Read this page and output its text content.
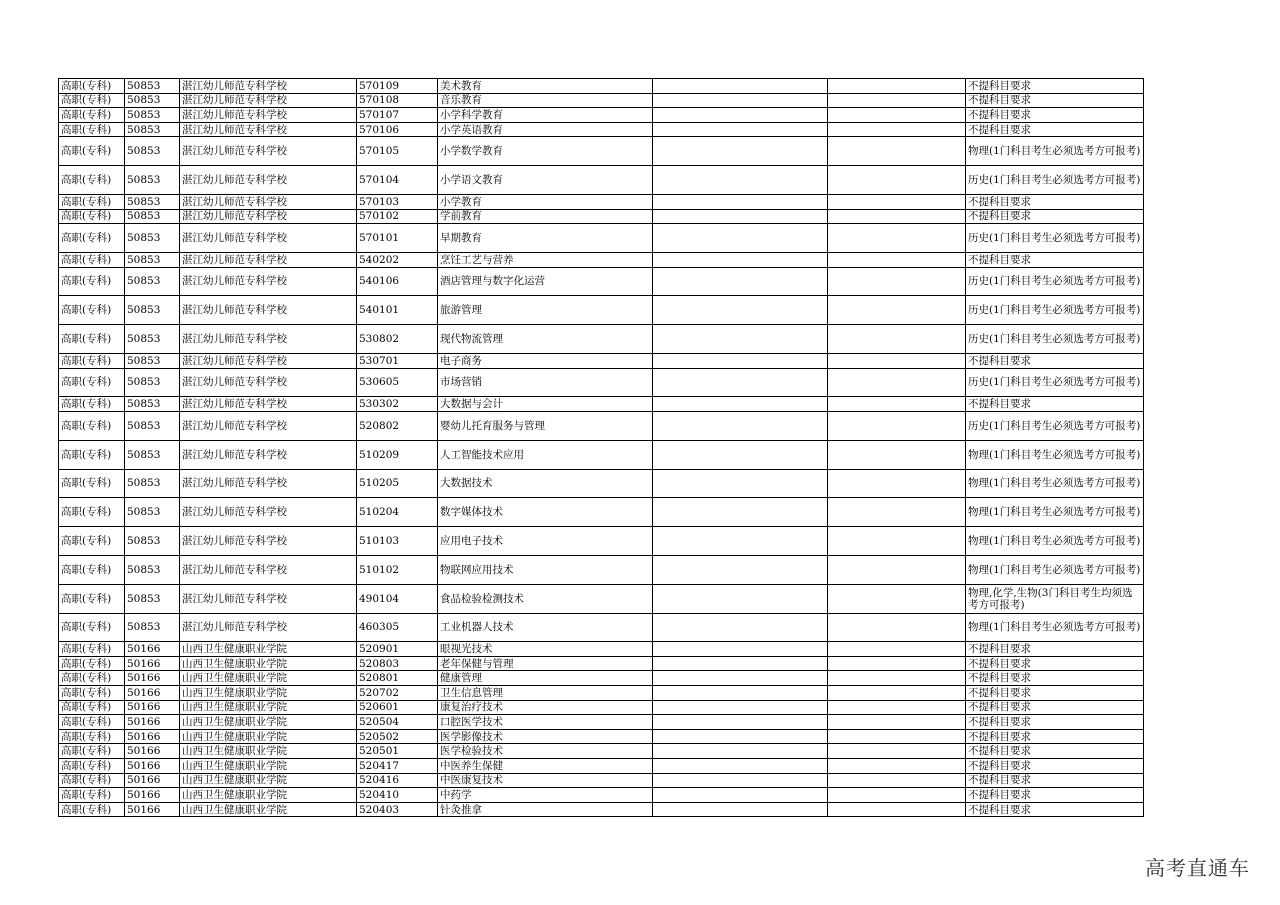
高职(专科)	50853	湛江幼儿师范专科学校	570109	美术教育			不提科目要求
高职(专科)	50853	湛江幼儿师范专科学校	570108	音乐教育			不提科目要求
高职(专科)	50853	湛江幼儿师范专科学校	570107	小学科学教育			不提科目要求
高职(专科)	50853	湛江幼儿师范专科学校	570106	小学英语教育			不提科目要求
高职(专科)	50853	湛江幼儿师范专科学校	570105	小学数学教育			物理(1门科目考生必须选考方可报考)
高职(专科)	50853	湛江幼儿师范专科学校	570104	小学语文教育			历史(1门科目考生必须选考方可报考)
高职(专科)	50853	湛江幼儿师范专科学校	570103	小学教育			不提科目要求
高职(专科)	50853	湛江幼儿师范专科学校	570102	学前教育			不提科目要求
高职(专科)	50853	湛江幼儿师范专科学校	570101	早期教育			历史(1门科目考生必须选考方可报考)
高职(专科)	50853	湛江幼儿师范专科学校	540202	烹饪工艺与营养			不提科目要求
高职(专科)	50853	湛江幼儿师范专科学校	540106	酒店管理与数字化运营			历史(1门科目考生必须选考方可报考)
高职(专科)	50853	湛江幼儿师范专科学校	540101	旅游管理			历史(1门科目考生必须选考方可报考)
高职(专科)	50853	湛江幼儿师范专科学校	530802	现代物流管理			历史(1门科目考生必须选考方可报考)
高职(专科)	50853	湛江幼儿师范专科学校	530701	电子商务			不提科目要求
高职(专科)	50853	湛江幼儿师范专科学校	530605	市场营销			历史(1门科目考生必须选考方可报考)
高职(专科)	50853	湛江幼儿师范专科学校	530302	大数据与会计			不提科目要求
高职(专科)	50853	湛江幼儿师范专科学校	520802	婴幼儿托育服务与管理			历史(1门科目考生必须选考方可报考)
高职(专科)	50853	湛江幼儿师范专科学校	510209	人工智能技术应用			物理(1门科目考生必须选考方可报考)
高职(专科)	50853	湛江幼儿师范专科学校	510205	大数据技术			物理(1门科目考生必须选考方可报考)
高职(专科)	50853	湛江幼儿师范专科学校	510204	数字媒体技术			物理(1门科目考生必须选考方可报考)
高职(专科)	50853	湛江幼儿师范专科学校	510103	应用电子技术			物理(1门科目考生必须选考方可报考)
高职(专科)	50853	湛江幼儿师范专科学校	510102	物联网应用技术			物理(1门科目考生必须选考方可报考)
高职(专科)	50853	湛江幼儿师范专科学校	490104	食品检验检测技术			物理,化学,生物(3门科目考生均须选考方可报考)
高职(专科)	50853	湛江幼儿师范专科学校	460305	工业机器人技术			物理(1门科目考生必须选考方可报考)
高职(专科)	50166	山西卫生健康职业学院	520901	眼视光技术			不提科目要求
高职(专科)	50166	山西卫生健康职业学院	520803	老年保健与管理			不提科目要求
高职(专科)	50166	山西卫生健康职业学院	520801	健康管理			不提科目要求
高职(专科)	50166	山西卫生健康职业学院	520702	卫生信息管理			不提科目要求
高职(专科)	50166	山西卫生健康职业学院	520601	康复治疗技术			不提科目要求
高职(专科)	50166	山西卫生健康职业学院	520504	口腔医学技术			不提科目要求
高职(专科)	50166	山西卫生健康职业学院	520502	医学影像技术			不提科目要求
高职(专科)	50166	山西卫生健康职业学院	520501	医学检验技术			不提科目要求
高职(专科)	50166	山西卫生健康职业学院	520417	中医养生保健			不提科目要求
高职(专科)	50166	山西卫生健康职业学院	520416	中医康复技术			不提科目要求
高职(专科)	50166	山西卫生健康职业学院	520410	中药学			不提科目要求
高职(专科)	50166	山西卫生健康职业学院	520403	针灸推拿			不提科目要求
高考直通车
